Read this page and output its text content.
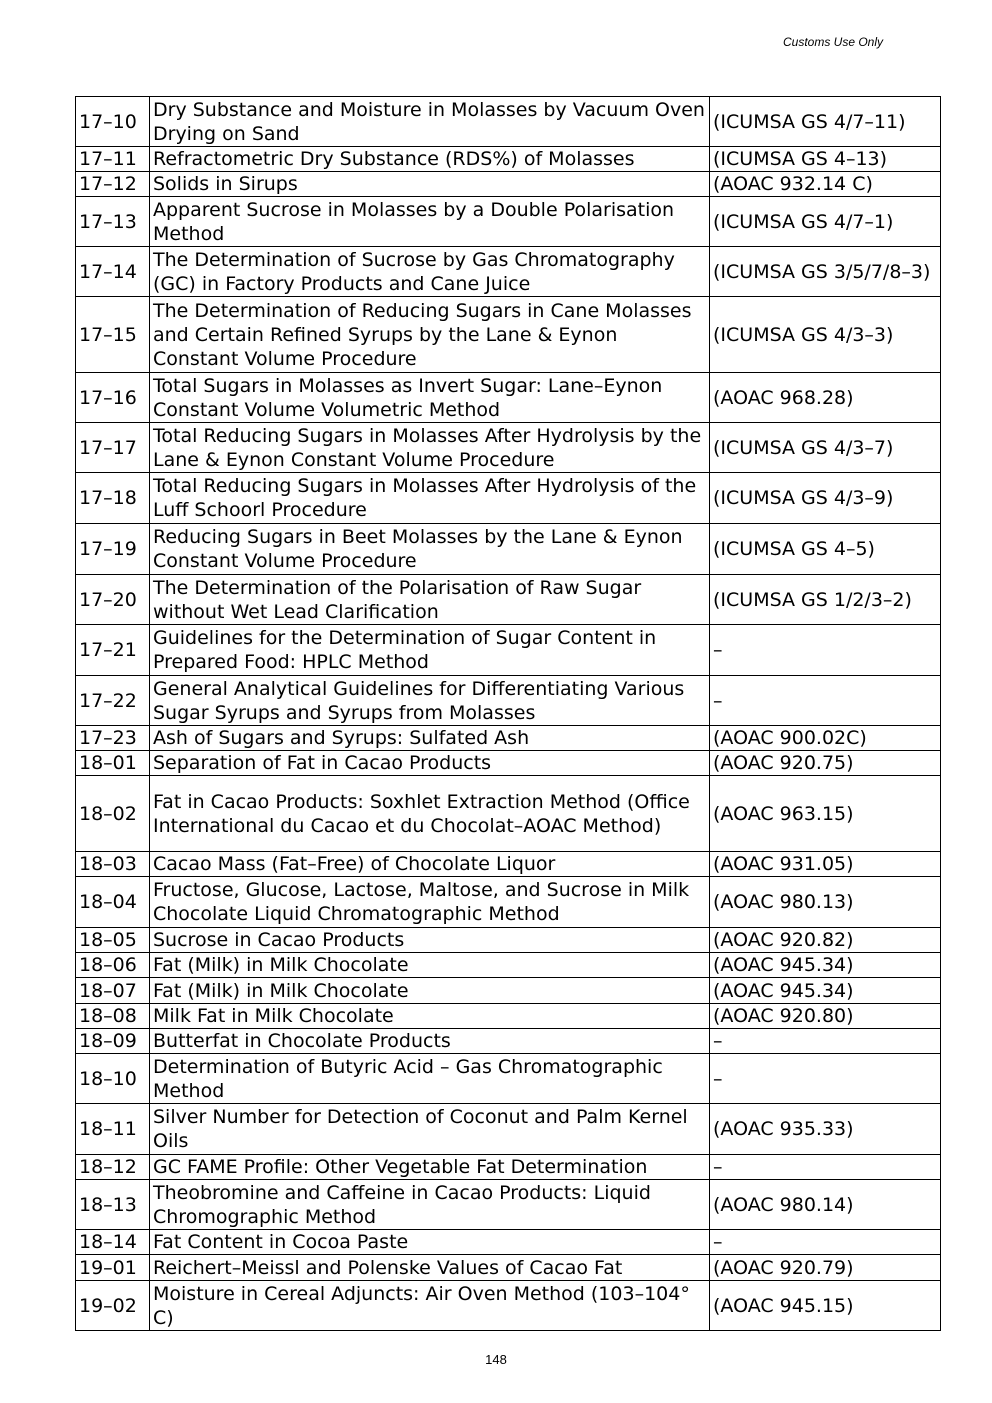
Customs Use Only
17–10	Dry Substance and Moisture in Molasses by Vacuum Oven Drying on Sand	(ICUMSA GS 4/7–11)
17–11	Refractometric Dry Substance (RDS%) of Molasses	(ICUMSA GS 4–13)
17–12	Solids in Sirups	(AOAC 932.14 C)
17–13	Apparent Sucrose in Molasses by a Double Polarisation Method	(ICUMSA GS 4/7–1)
17–14	The Determination of Sucrose by Gas Chromatography (GC) in Factory Products and Cane Juice	(ICUMSA GS 3/5/7/8–3)
17–15	The Determination of Reducing Sugars in Cane Molasses and Certain Refined Syrups by the Lane & Eynon Constant Volume Procedure	(ICUMSA GS 4/3–3)
17–16	Total Sugars in Molasses as Invert Sugar: Lane–Eynon Constant Volume Volumetric Method	(AOAC 968.28)
17–17	Total Reducing Sugars in Molasses After Hydrolysis by the Lane & Eynon Constant Volume Procedure	(ICUMSA GS 4/3–7)
17–18	Total Reducing Sugars in Molasses After Hydrolysis of the Luff Schoorl Procedure	(ICUMSA GS 4/3–9)
17–19	Reducing Sugars in Beet Molasses by the Lane & Eynon Constant Volume Procedure	(ICUMSA GS 4–5)
17–20	The Determination of the Polarisation of Raw Sugar without Wet Lead Clarification	(ICUMSA GS 1/2/3–2)
17–21	Guidelines for the Determination of Sugar Content in Prepared Food: HPLC Method	–
17–22	General Analytical Guidelines for Differentiating Various Sugar Syrups and Syrups from Molasses	–
17–23	Ash of Sugars and Syrups: Sulfated Ash	(AOAC 900.02C)
18–01	Separation of Fat in Cacao Products	(AOAC 920.75)
18–02	Fat in Cacao Products: Soxhlet Extraction Method (Office International du Cacao et du Chocolat–AOAC Method)	(AOAC 963.15)
18–03	Cacao Mass (Fat–Free) of Chocolate Liquor	(AOAC 931.05)
18–04	Fructose, Glucose, Lactose, Maltose, and Sucrose in Milk Chocolate Liquid Chromatographic Method	(AOAC 980.13)
18–05	Sucrose in Cacao Products	(AOAC 920.82)
18–06	Fat (Milk) in Milk Chocolate	(AOAC 945.34)
18–07	Fat (Milk) in Milk Chocolate	(AOAC 945.34)
18–08	Milk Fat in Milk Chocolate	(AOAC 920.80)
18–09	Butterfat in Chocolate Products	–
18–10	Determination of Butyric Acid – Gas Chromatographic Method	–
18–11	Silver Number for Detection of Coconut and Palm Kernel Oils	(AOAC 935.33)
18–12	GC FAME Profile: Other Vegetable Fat Determination	–
18–13	Theobromine and Caffeine in Cacao Products: Liquid Chromographic Method	(AOAC 980.14)
18–14	Fat Content in Cocoa Paste	–
19–01	Reichert–Meissl and Polenske Values of Cacao Fat	(AOAC 920.79)
19–02	Moisture in Cereal Adjuncts: Air Oven Method (103–104° C)	(AOAC 945.15)
148
